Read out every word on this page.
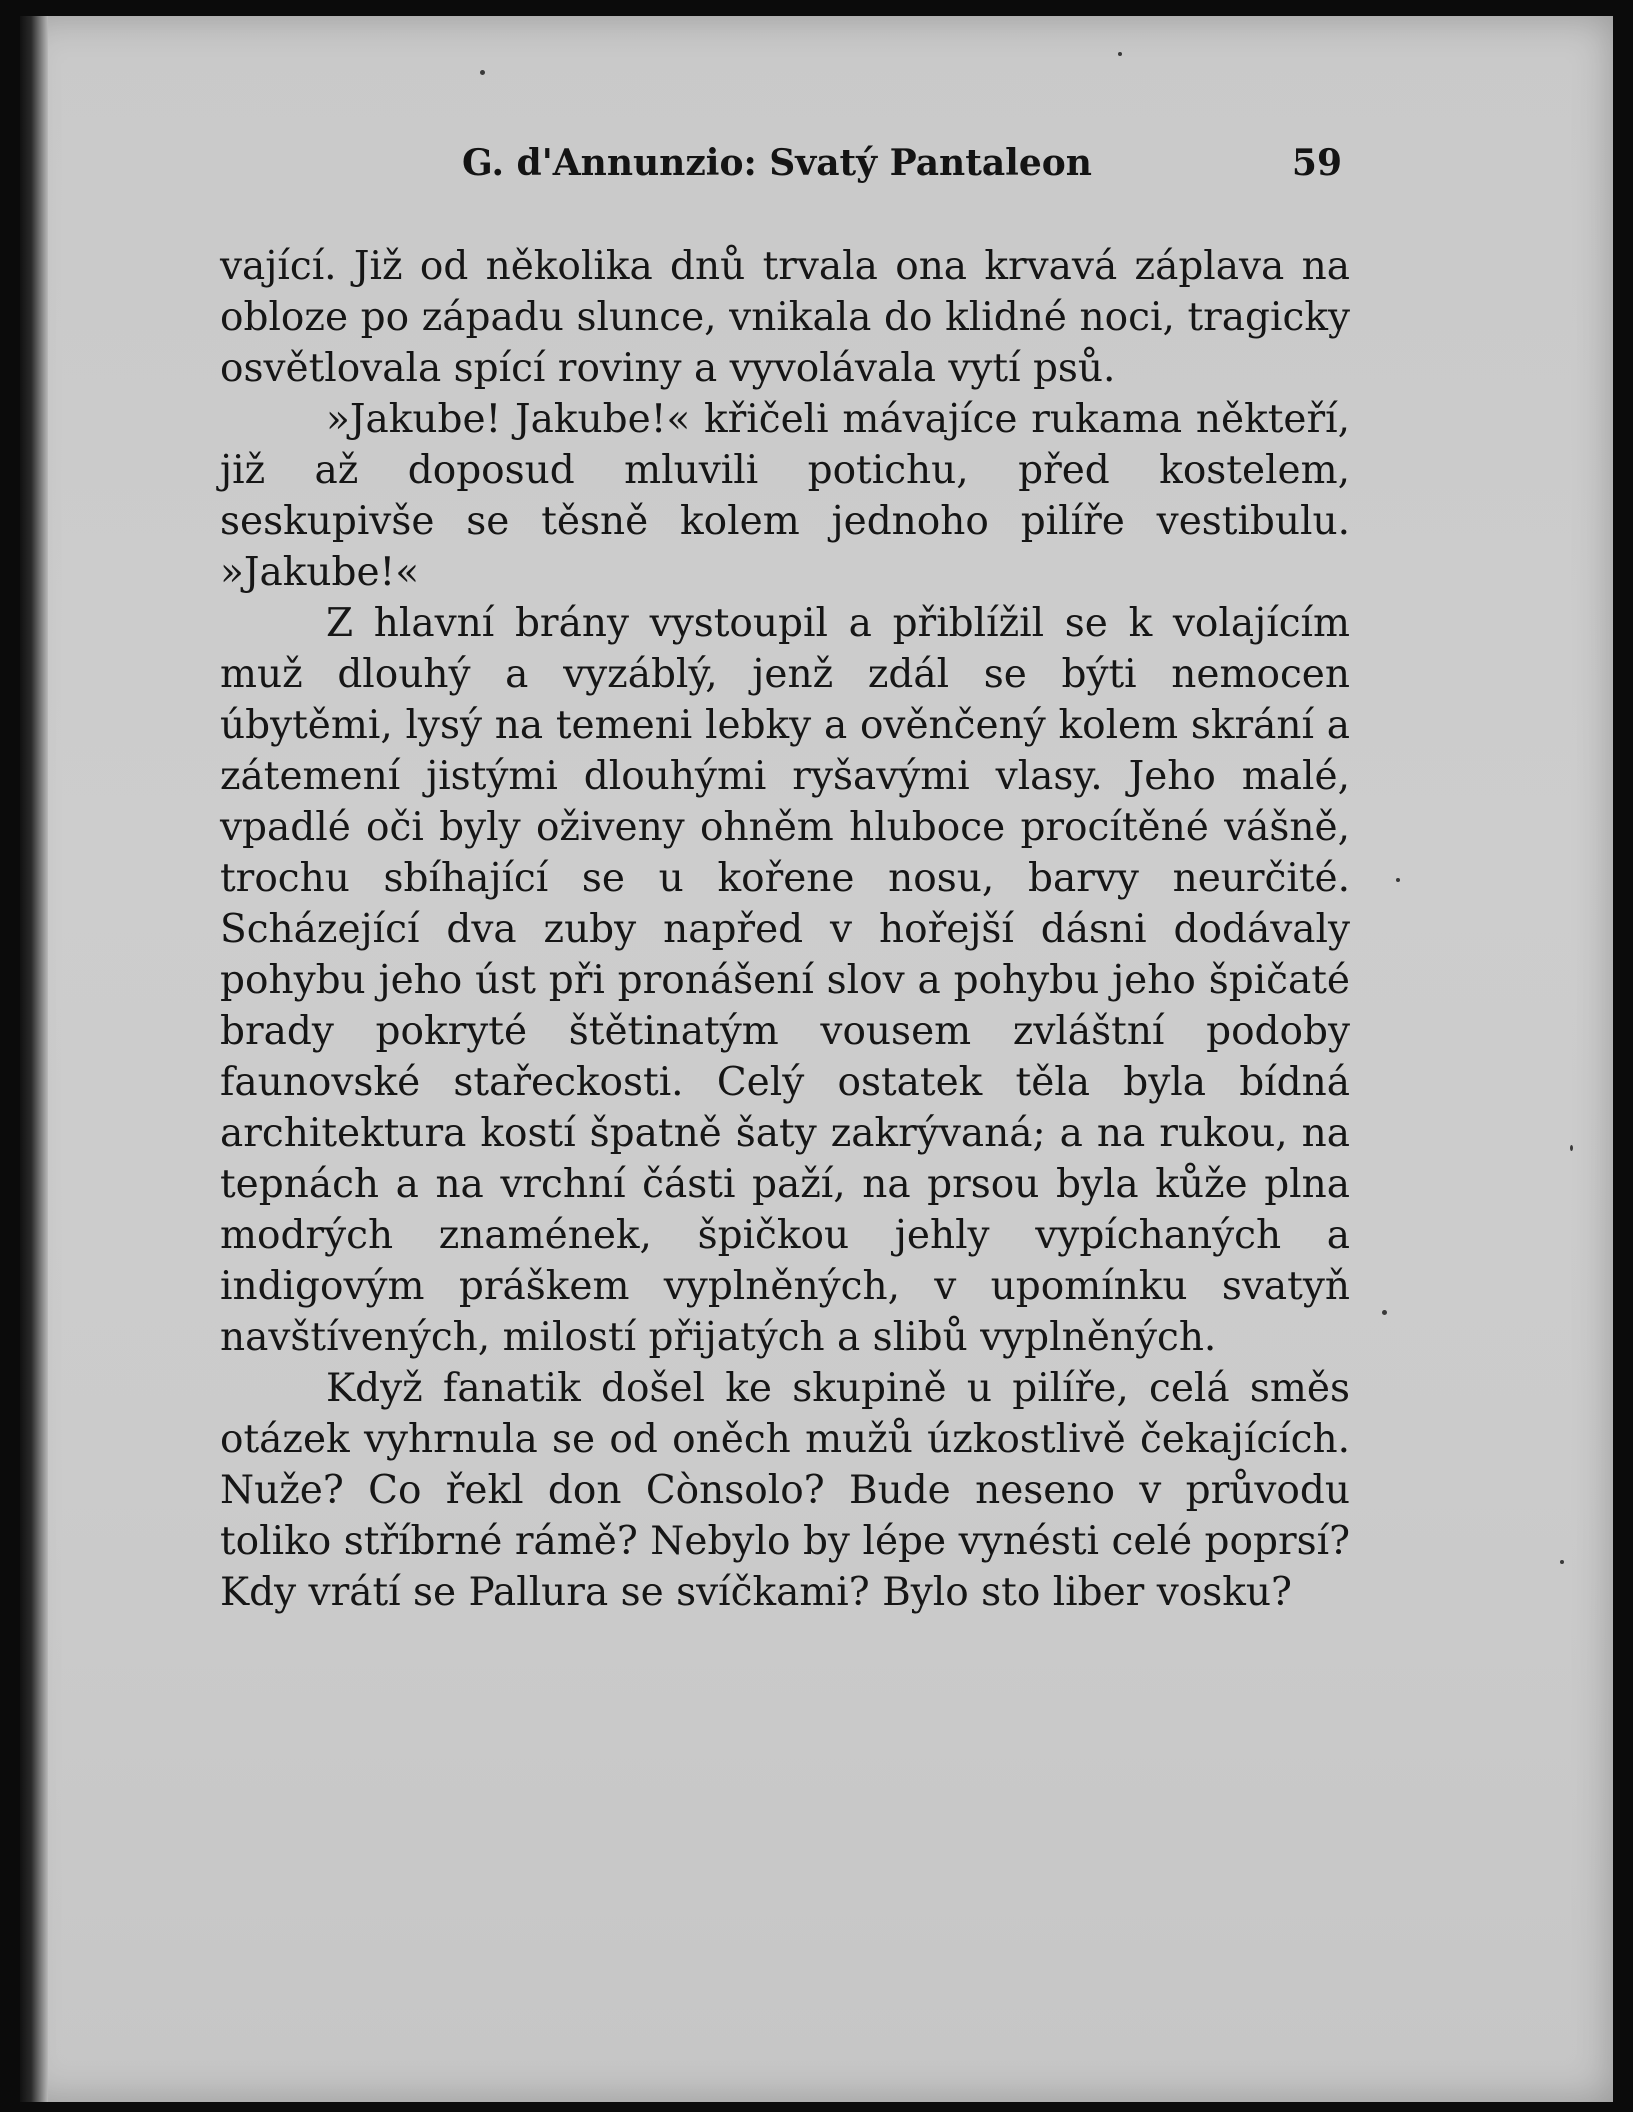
G. d'Annunzio: Svatý Pantaleon	59

vající. Již od několika dnů trvala ona krvavá záplava na obloze po západu slunce, vnikala do klidné noci, tragicky osvětlovala spící roviny a vyvolávala vytí psů.

»Jakube! Jakube!« křičeli mávajíce rukama někteří, již až doposud mluvili potichu, před kostelem, seskupivše se těsně kolem jednoho pilíře vestibulu. »Jakube!«

Z hlavní brány vystoupil a přiblížil se k volajícím muž dlouhý a vyzáblý, jenž zdál se býti nemocen úbytěmi, lysý na temeni lebky a ověnčený kolem skrání a zátemení jistými dlouhými ryšavými vlasy. Jeho malé, vpadlé oči byly oživeny ohněm hluboce procítěné vášně, trochu sbíhající se u kořene nosu, barvy neurčité. Scházející dva zuby napřed v hořejší dásni dodávaly pohybu jeho úst při pronášení slov a pohybu jeho špičaté brady pokryté štětinatým vousem zvláštní podoby faunovské stařeckosti. Celý ostatek těla byla bídná architektura kostí špatně šaty zakrývaná; a na rukou, na tepnách a na vrchní části paží, na prsou byla kůže plna modrých znamének, špičkou jehly vypíchaných a indigovým práškem vyplněných, v upomínku svatyň navštívených, milostí přijatých a slibů vyplněných.

Když fanatik došel ke skupině u pilíře, celá směs otázek vyhrnula se od oněch mužů úzkostlivě čekajících. Nuže? Co řekl don Cònsolo? Bude neseno v průvodu toliko stříbrné rámě? Nebylo by lépe vynésti celé poprsí? Kdy vrátí se Pallura se svíčkami? Bylo sto liber vosku?
